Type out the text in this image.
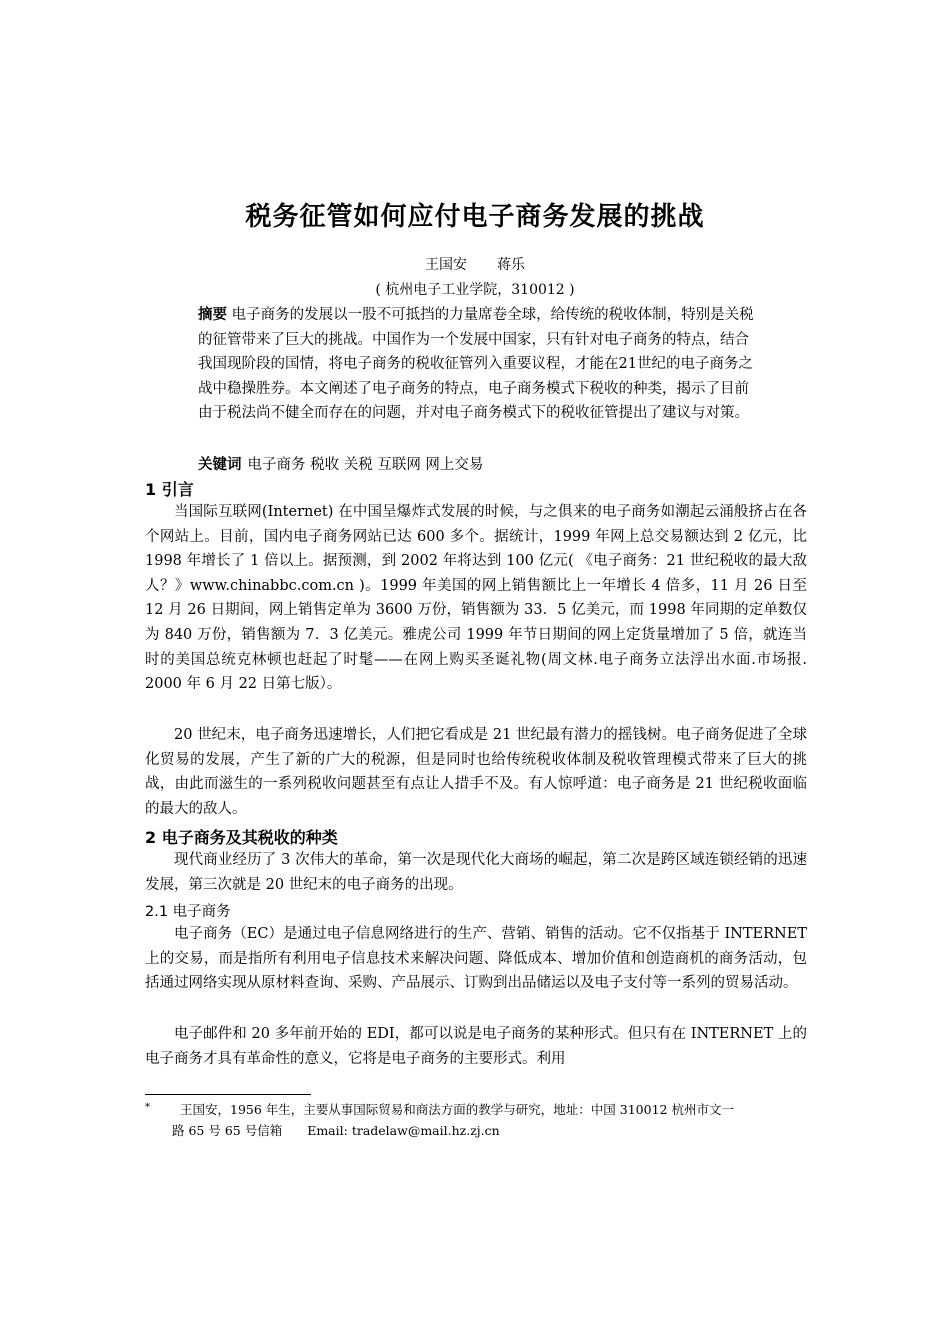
税务征管如何应付电子商务发展的挑战
王国安 蒋乐
( 杭州电子工业学院，310012 )
摘要 电子商务的发展以一股不可抵挡的力量席卷全球，给传统的税收体制，特别是关税的征管带来了巨大的挑战。中国作为一个发展中国家，只有针对电子商务的特点，结合我国现阶段的国情，将电子商务的税收征管列入重要议程，才能在21世纪的电子商务之战中稳操胜券。本文阐述了电子商务的特点，电子商务模式下税收的种类，揭示了目前由于税法尚不健全而存在的问题，并对电子商务模式下的税收征管提出了建议与对策。
关键词 电子商务 税收 关税 互联网 网上交易
1 引言

当国际互联网(Internet) 在中国呈爆炸式发展的时候，与之俱来的电子商务如潮起云涌般挤占在各个网站上。目前，国内电子商务网站已达 600 多个。据统计，1999 年网上总交易额达到 2 亿元，比 1998 年增长了 1 倍以上。据预测，到 2002 年将达到 100 亿元( 《电子商务：21 世纪税收的最大敌人？》www.chinabbc.com.cn )。1999 年美国的网上销售额比上一年增长 4 倍多，11 月 26 日至 12 月 26 日期间，网上销售定单为 3600 万份，销售额为 33．5 亿美元，而 1998 年同期的定单数仅为 840 万份，销售额为 7．3 亿美元。雅虎公司 1999 年节日期间的网上定货量增加了 5 倍，就连当时的美国总统克林顿也赶起了时髦——在网上购买圣诞礼物(周文林.电子商务立法浮出水面.市场报. 2000 年 6 月 22 日第七版）。

20 世纪末，电子商务迅速增长，人们把它看成是 21 世纪最有潜力的摇钱树。电子商务促进了全球化贸易的发展，产生了新的广大的税源，但是同时也给传统税收体制及税收管理模式带来了巨大的挑战，由此而滋生的一系列税收问题甚至有点让人措手不及。有人惊呼道：电子商务是 21 世纪税收面临的最大的敌人。

2 电子商务及其税收的种类

现代商业经历了 3 次伟大的革命，第一次是现代化大商场的崛起，第二次是跨区域连锁经销的迅速发展，第三次就是 20 世纪末的电子商务的出现。

2.1 电子商务

电子商务（EC）是通过电子信息网络进行的生产、营销、销售的活动。它不仅指基于 INTERNET 上的交易，而是指所有利用电子信息技术来解决问题、降低成本、增加价值和创造商机的商务活动，包括通过网络实现从原材料查询、采购、产品展示、订购到出品储运以及电子支付等一系列的贸易活动。

电子邮件和 20 多年前开始的 EDI，都可以说是电子商务的某种形式。但只有在 INTERNET 上的电子商务才具有革命性的意义，它将是电子商务的主要形式。利用

*	王国安，1956 年生，主要从事国际贸易和商法方面的教学与研究，地址：中国 310012 杭州市文一
路 65 号 65 号信箱　　Email: tradelaw@mail.hz.zj.cn
